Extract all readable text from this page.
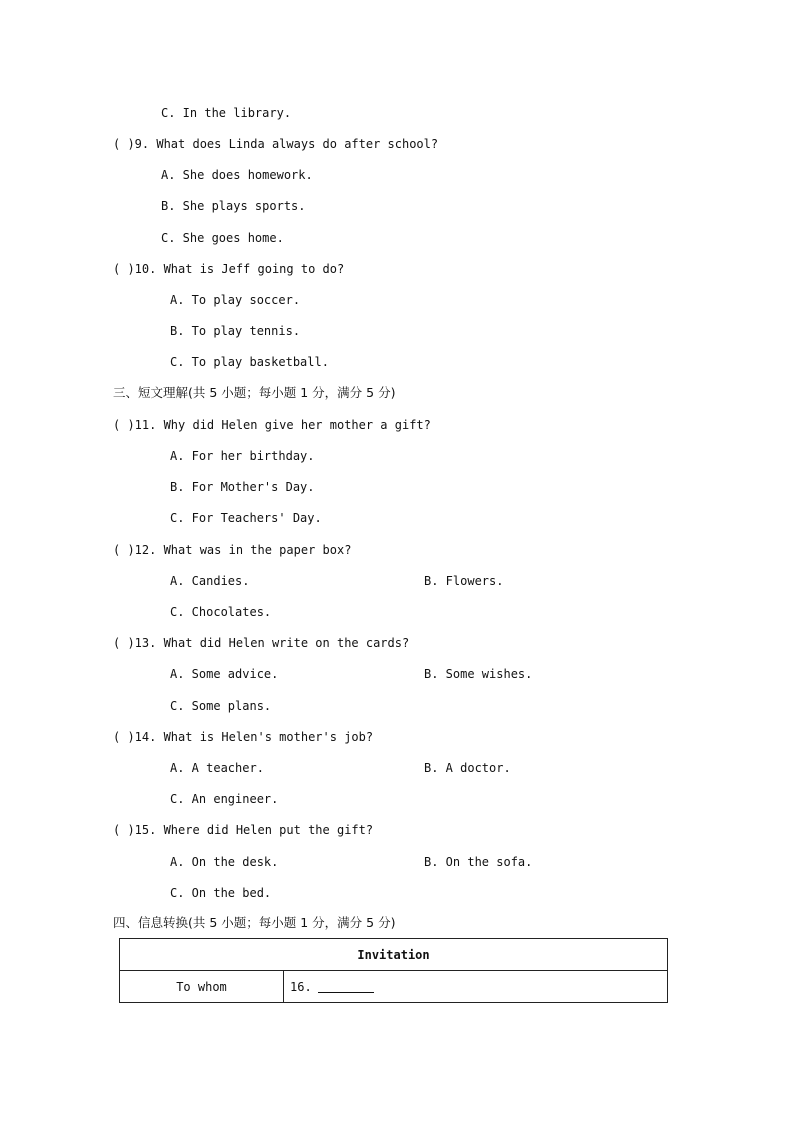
C. In the library.
( )9. What does Linda always do after school?
A. She does homework.
B. She plays sports.
C. She goes home.
( )10. What is Jeff going to do?
A. To play soccer.
B. To play tennis.
C. To play basketball.
三、短文理解(共 5 小题；每小题 1 分，满分 5 分)
( )11. Why did Helen give her mother a gift?
A. For her birthday.
B. For Mother's Day.
C. For Teachers' Day.
( )12. What was in the paper box?
A. Candies.	B. Flowers.
C. Chocolates.
( )13. What did Helen write on the cards?
A. Some advice.	B. Some wishes.
C. Some plans.
( )14. What is Helen's mother's job?
A. A teacher.	B. A doctor.
C. An engineer.
( )15. Where did Helen put the gift?
A. On the desk.	B. On the sofa.
C. On the bed.
四、信息转换(共 5 小题；每小题 1 分，满分 5 分)
Invitation
To whom	16.
